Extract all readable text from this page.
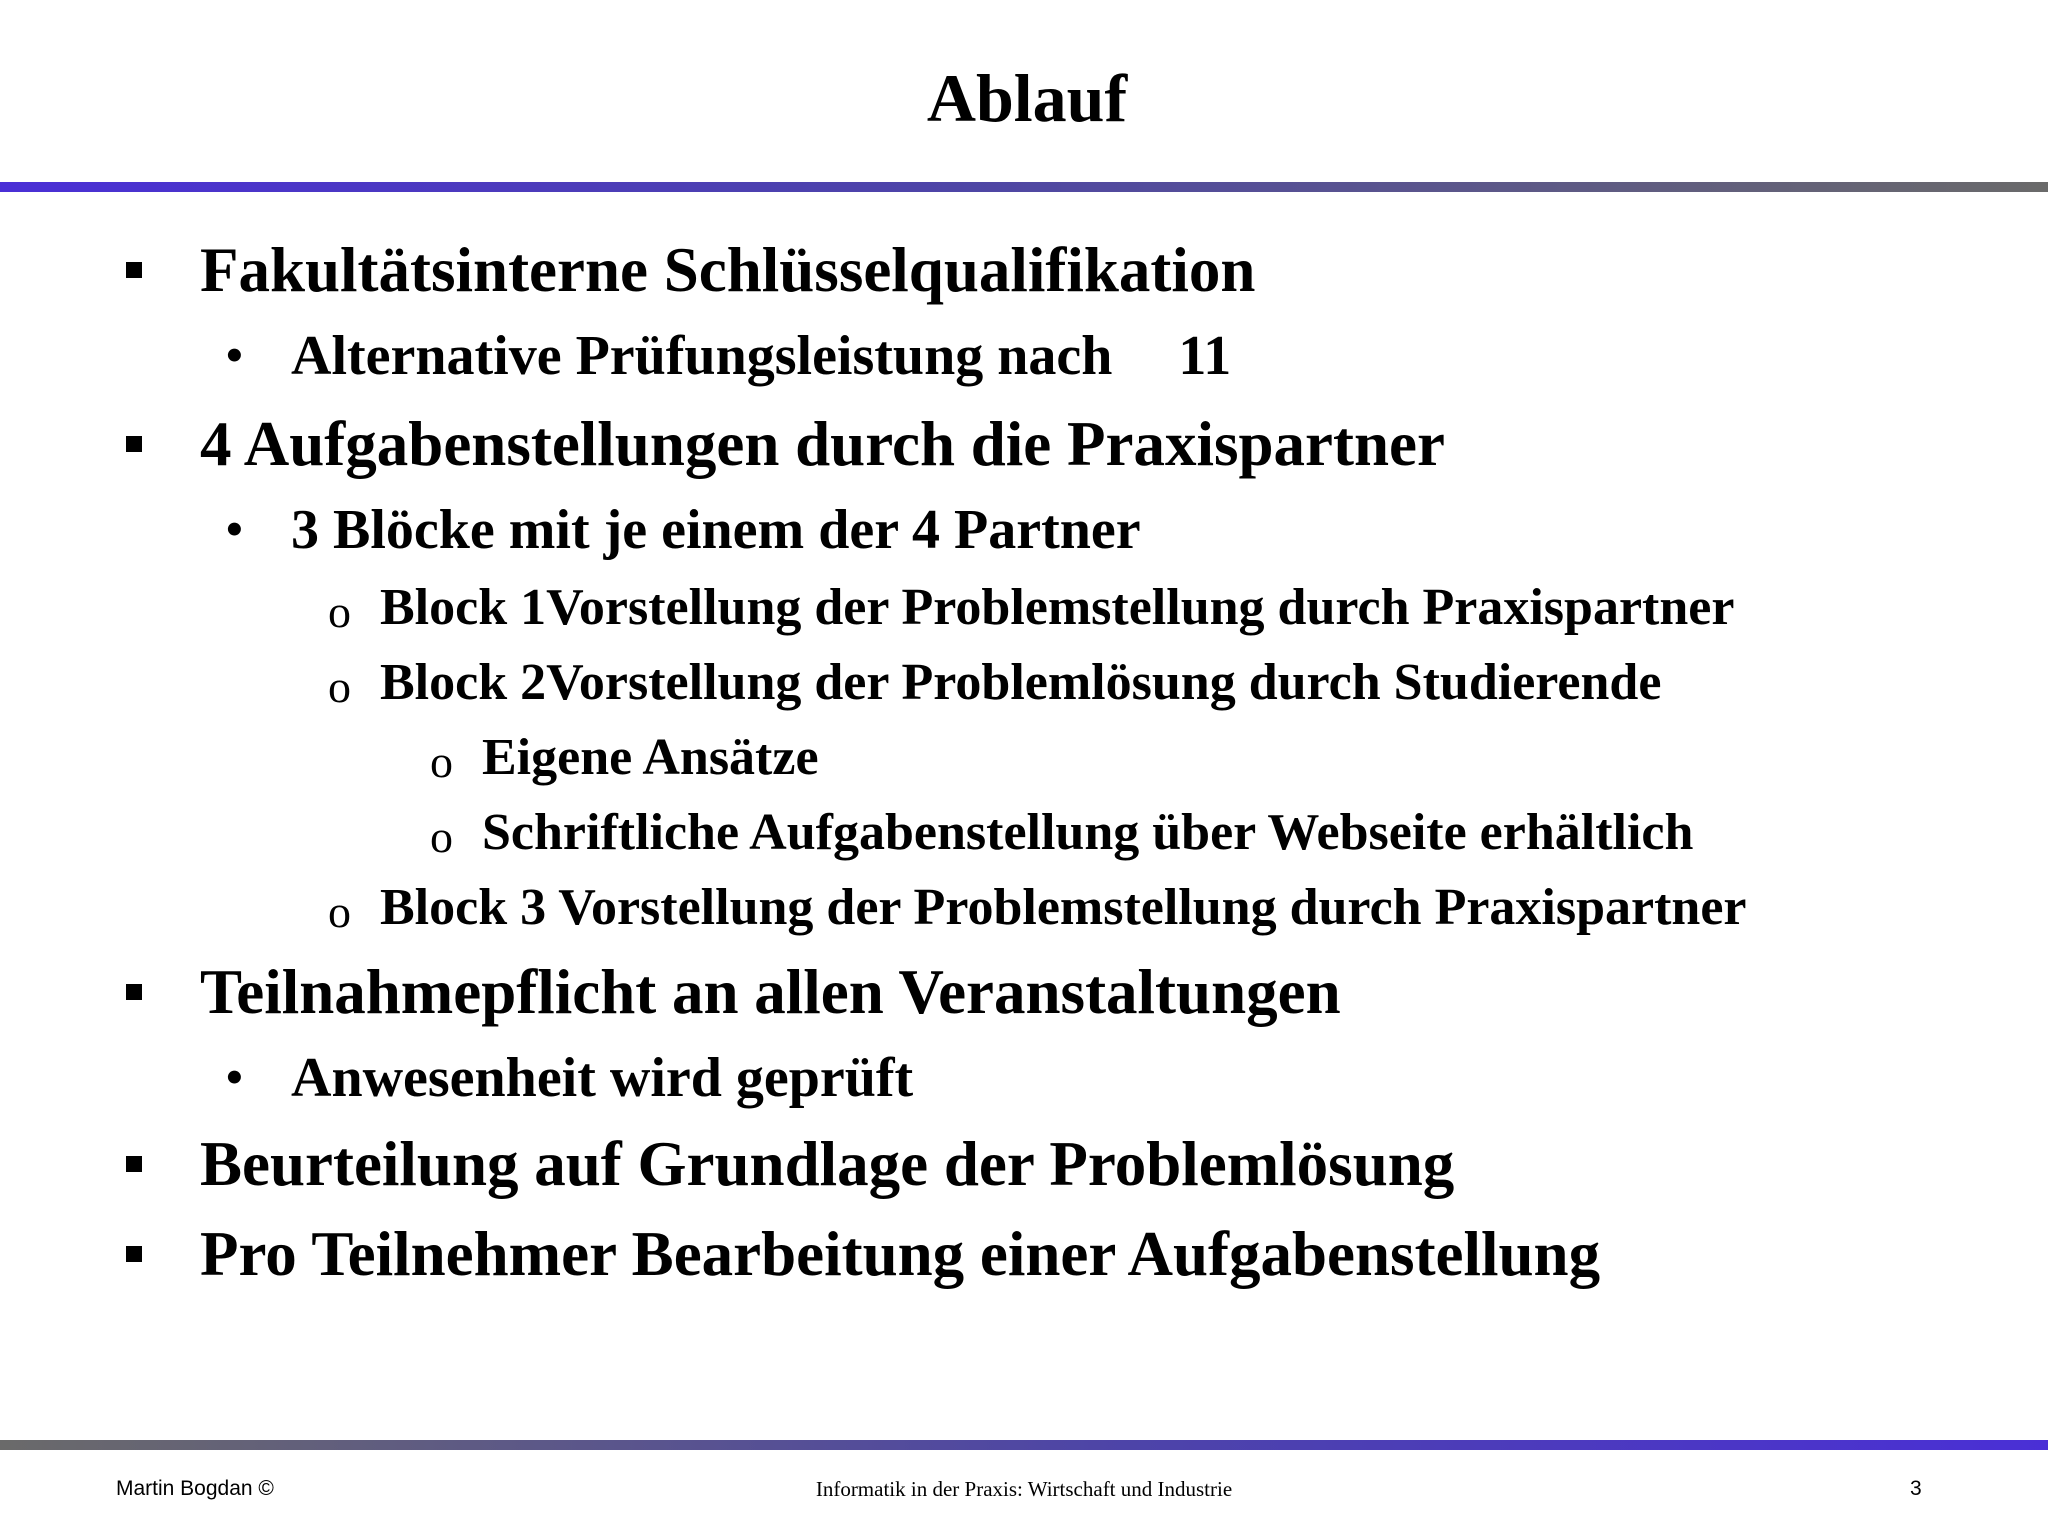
Ablauf
Fakultätsinterne Schlüsselqualifikation
• Alternative Prüfungsleistung nach 11
4 Aufgabenstellungen durch die Praxispartner
• 3 Blöcke mit je einem der 4 Partner
o Block 1Vorstellung der Problemstellung durch Praxispartner
o Block 2Vorstellung der Problemlösung durch Studierende
o Eigene Ansätze
o Schriftliche Aufgabenstellung über Webseite erhältlich
o Block 3 Vorstellung der Problemstellung durch Praxispartner
Teilnahmepflicht an allen Veranstaltungen
• Anwesenheit wird geprüft
Beurteilung auf Grundlage der Problemlösung
Pro Teilnehmer Bearbeitung einer Aufgabenstellung
Martin Bogdan ©	Informatik in der Praxis: Wirtschaft und Industrie	3
